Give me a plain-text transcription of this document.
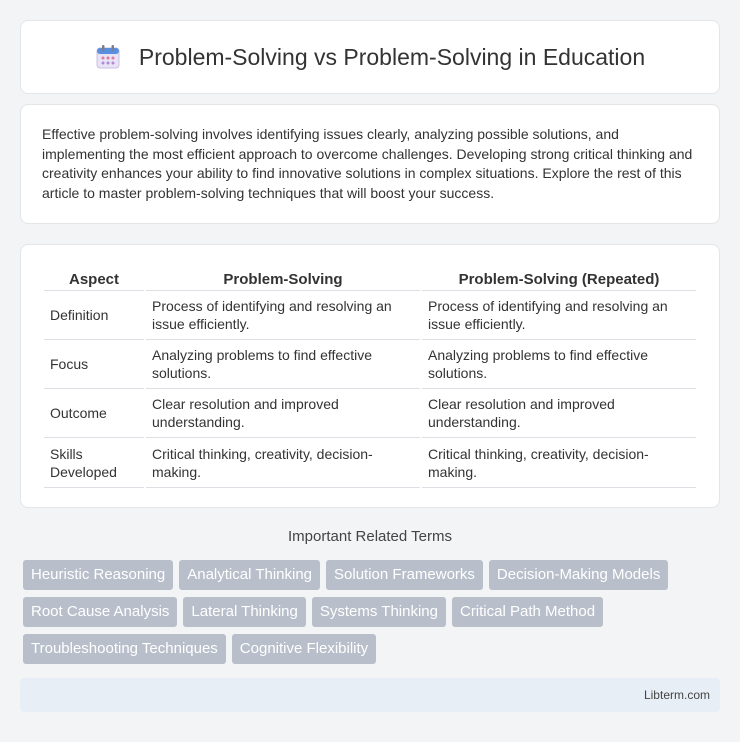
Problem-Solving vs Problem-Solving in Education

Effective problem-solving involves identifying issues clearly, analyzing possible solutions, and implementing the most efficient approach to overcome challenges. Developing strong critical thinking and creativity enhances your ability to find innovative solutions in complex situations. Explore the rest of this article to master problem-solving techniques that will boost your success.

Aspect	Problem-Solving	Problem-Solving (Repeated)
Definition	Process of identifying and resolving an issue efficiently.	Process of identifying and resolving an issue efficiently.
Focus	Analyzing problems to find effective solutions.	Analyzing problems to find effective solutions.
Outcome	Clear resolution and improved understanding.	Clear resolution and improved understanding.
Skills Developed	Critical thinking, creativity, decision-making.	Critical thinking, creativity, decision-making.
Important Related Terms
Heuristic Reasoning	Analytical Thinking	Solution Frameworks	Decision-Making Models
Root Cause Analysis	Lateral Thinking	Systems Thinking	Critical Path Method
Troubleshooting Techniques	Cognitive Flexibility
Libterm.com
